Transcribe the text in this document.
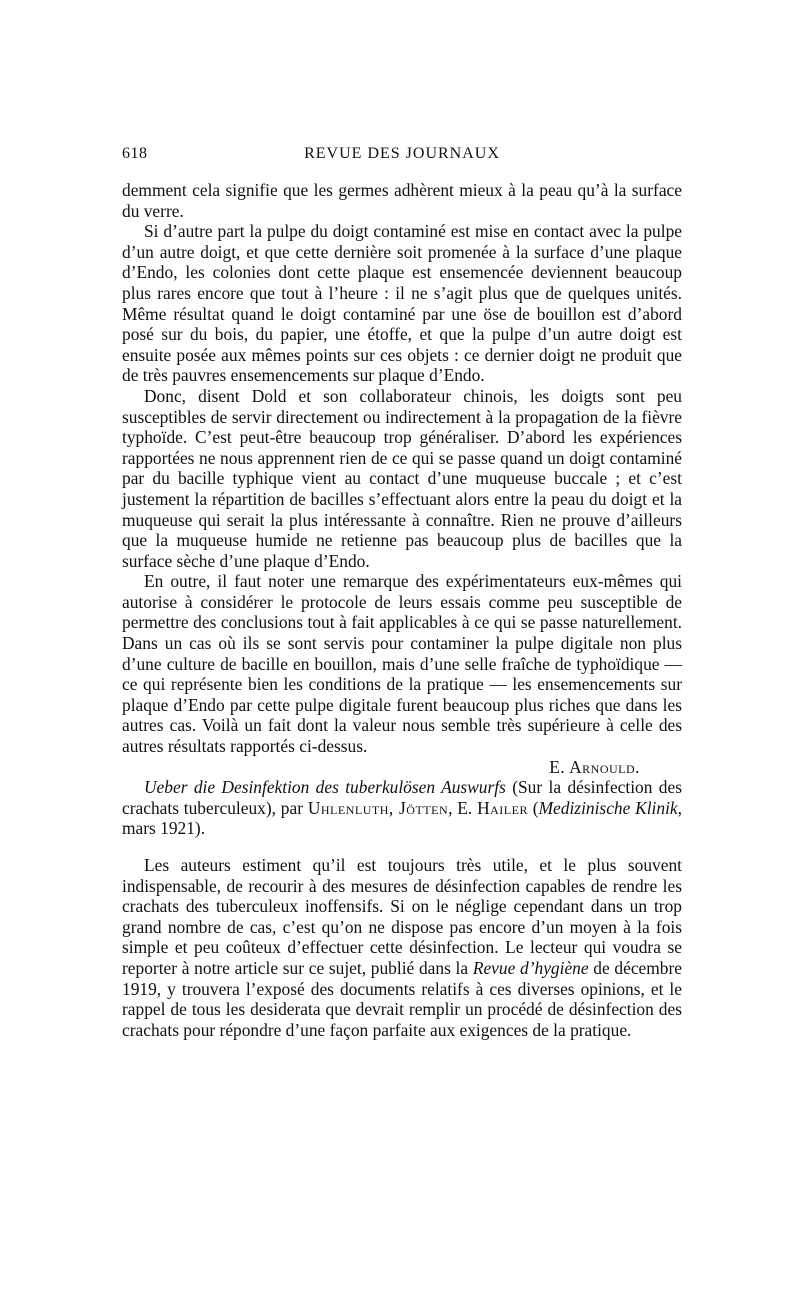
618	REVUE DES JOURNAUX

demment cela signifie que les germes adhèrent mieux à la peau qu’à la surface du verre.

Si d’autre part la pulpe du doigt contaminé est mise en contact avec la pulpe d’un autre doigt, et que cette dernière soit promenée à la surface d’une plaque d’Endo, les colonies dont cette plaque est ensemencée deviennent beaucoup plus rares encore que tout à l’heure : il ne s’agit plus que de quelques unités. Même résultat quand le doigt contaminé par une öse de bouillon est d’abord posé sur du bois, du papier, une étoffe, et que la pulpe d’un autre doigt est ensuite posée aux mêmes points sur ces objets : ce dernier doigt ne produit que de très pauvres ensemencements sur plaque d’Endo.

Donc, disent Dold et son collaborateur chinois, les doigts sont peu susceptibles de servir directement ou indirectement à la propagation de la fièvre typhoïde. C’est peut-être beaucoup trop généraliser. D’abord les expériences rapportées ne nous apprennent rien de ce qui se passe quand un doigt contaminé par du bacille typhique vient au contact d’une muqueuse buccale ; et c’est justement la répartition de bacilles s’effectuant alors entre la peau du doigt et la muqueuse qui serait la plus intéressante à connaître. Rien ne prouve d’ailleurs que la muqueuse humide ne retienne pas beaucoup plus de bacilles que la surface sèche d’une plaque d’Endo.

En outre, il faut noter une remarque des expérimentateurs eux-mêmes qui autorise à considérer le protocole de leurs essais comme peu susceptible de permettre des conclusions tout à fait applicables à ce qui se passe naturellement. Dans un cas où ils se sont servis pour contaminer la pulpe digitale non plus d’une culture de bacille en bouillon, mais d’une selle fraîche de typhoïdique — ce qui représente bien les conditions de la pratique — les ensemencements sur plaque d’Endo par cette pulpe digitale furent beaucoup plus riches que dans les autres cas. Voilà un fait dont la valeur nous semble très supérieure à celle des autres résultats rapportés ci-dessus.

E. Arnould.

Ueber die Desinfektion des tuberkulösen Auswurfs (Sur la désinfection des crachats tuberculeux), par Uhlenluth, Jötten, E. Hailer (Medizinische Klinik, mars 1921).

Les auteurs estiment qu’il est toujours très utile, et le plus souvent indispensable, de recourir à des mesures de désinfection capables de rendre les crachats des tuberculeux inoffensifs. Si on le néglige cependant dans un trop grand nombre de cas, c’est qu’on ne dispose pas encore d’un moyen à la fois simple et peu coûteux d’effectuer cette désinfection. Le lecteur qui voudra se reporter à notre article sur ce sujet, publié dans la Revue d’hygiène de décembre 1919, y trouvera l’exposé des documents relatifs à ces diverses opinions, et le rappel de tous les desiderata que devrait remplir un procédé de désinfection des crachats pour répondre d’une façon parfaite aux exigences de la pratique.
